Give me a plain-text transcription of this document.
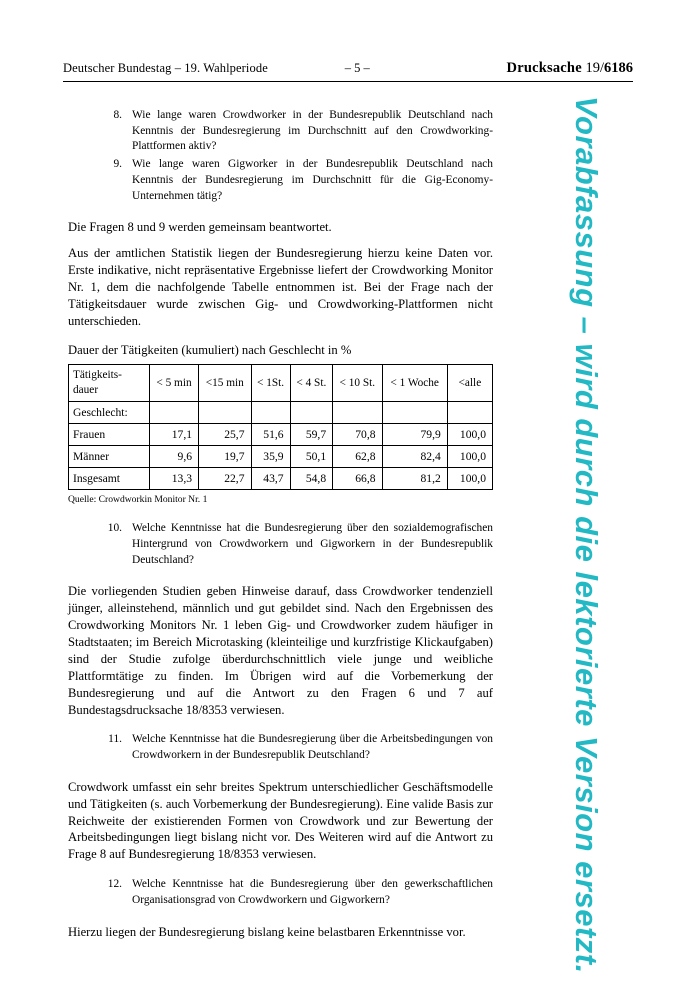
Deutscher Bundestag – 19. Wahlperiode	– 5 –	Drucksache 19/6186
8. Wie lange waren Crowdworker in der Bundesrepublik Deutschland nach Kenntnis der Bundesregierung im Durchschnitt auf den Crowdworking-Plattformen aktiv?
9. Wie lange waren Gigworker in der Bundesrepublik Deutschland nach Kenntnis der Bundesregierung im Durchschnitt für die Gig-Economy-Unternehmen tätig?

Die Fragen 8 und 9 werden gemeinsam beantwortet.

Aus der amtlichen Statistik liegen der Bundesregierung hierzu keine Daten vor. Erste indikative, nicht repräsentative Ergebnisse liefert der Crowdworking Monitor Nr. 1, dem die nachfolgende Tabelle entnommen ist. Bei der Frage nach der Tätigkeitsdauer wurde zwischen Gig- und Crowdworking-Plattformen nicht unterschieden.

Dauer der Tätigkeiten (kumuliert) nach Geschlecht in %
Tätigkeits-dauer	< 5 min	<15 min	< 1St.	< 4 St.	< 10 St.	< 1 Woche	<alle
Geschlecht:							
Frauen	17,1	25,7	51,6	59,7	70,8	79,9	100,0
Männer	9,6	19,7	35,9	50,1	62,8	82,4	100,0
Insgesamt	13,3	22,7	43,7	54,8	66,8	81,2	100,0
Quelle: Crowdworkin Monitor Nr. 1
10. Welche Kenntnisse hat die Bundesregierung über den sozialdemografischen Hintergrund von Crowdworkern und Gigworkern in der Bundesrepublik Deutschland?

Die vorliegenden Studien geben Hinweise darauf, dass Crowdworker tendenziell jünger, alleinstehend, männlich und gut gebildet sind. Nach den Ergebnissen des Crowdworking Monitors Nr. 1 leben Gig- und Crowdworker zudem häufiger in Stadtstaaten; im Bereich Microtasking (kleinteilige und kurzfristige Klickaufgaben) sind der Studie zufolge überdurchschnittlich viele junge und weibliche Plattformtätige zu finden. Im Übrigen wird auf die Vorbemerkung der Bundesregierung und auf die Antwort zu den Fragen 6 und 7 auf Bundestagsdrucksache 18/8353 verwiesen.

11. Welche Kenntnisse hat die Bundesregierung über die Arbeitsbedingungen von Crowdworkern in der Bundesrepublik Deutschland?

Crowdwork umfasst ein sehr breites Spektrum unterschiedlicher Geschäftsmodelle und Tätigkeiten (s. auch Vorbemerkung der Bundesregierung). Eine valide Basis zur Reichweite der existierenden Formen von Crowdwork und zur Bewertung der Arbeitsbedingungen liegt bislang nicht vor. Des Weiteren wird auf die Antwort zu Frage 8 auf Bundesregierung 18/8353 verwiesen.

12. Welche Kenntnisse hat die Bundesregierung über den gewerkschaftlichen Organisationsgrad von Crowdworkern und Gigworkern?

Hierzu liegen der Bundesregierung bislang keine belastbaren Erkenntnisse vor.	Vorabfassung – wird durch die lektorierte Version ersetzt.
